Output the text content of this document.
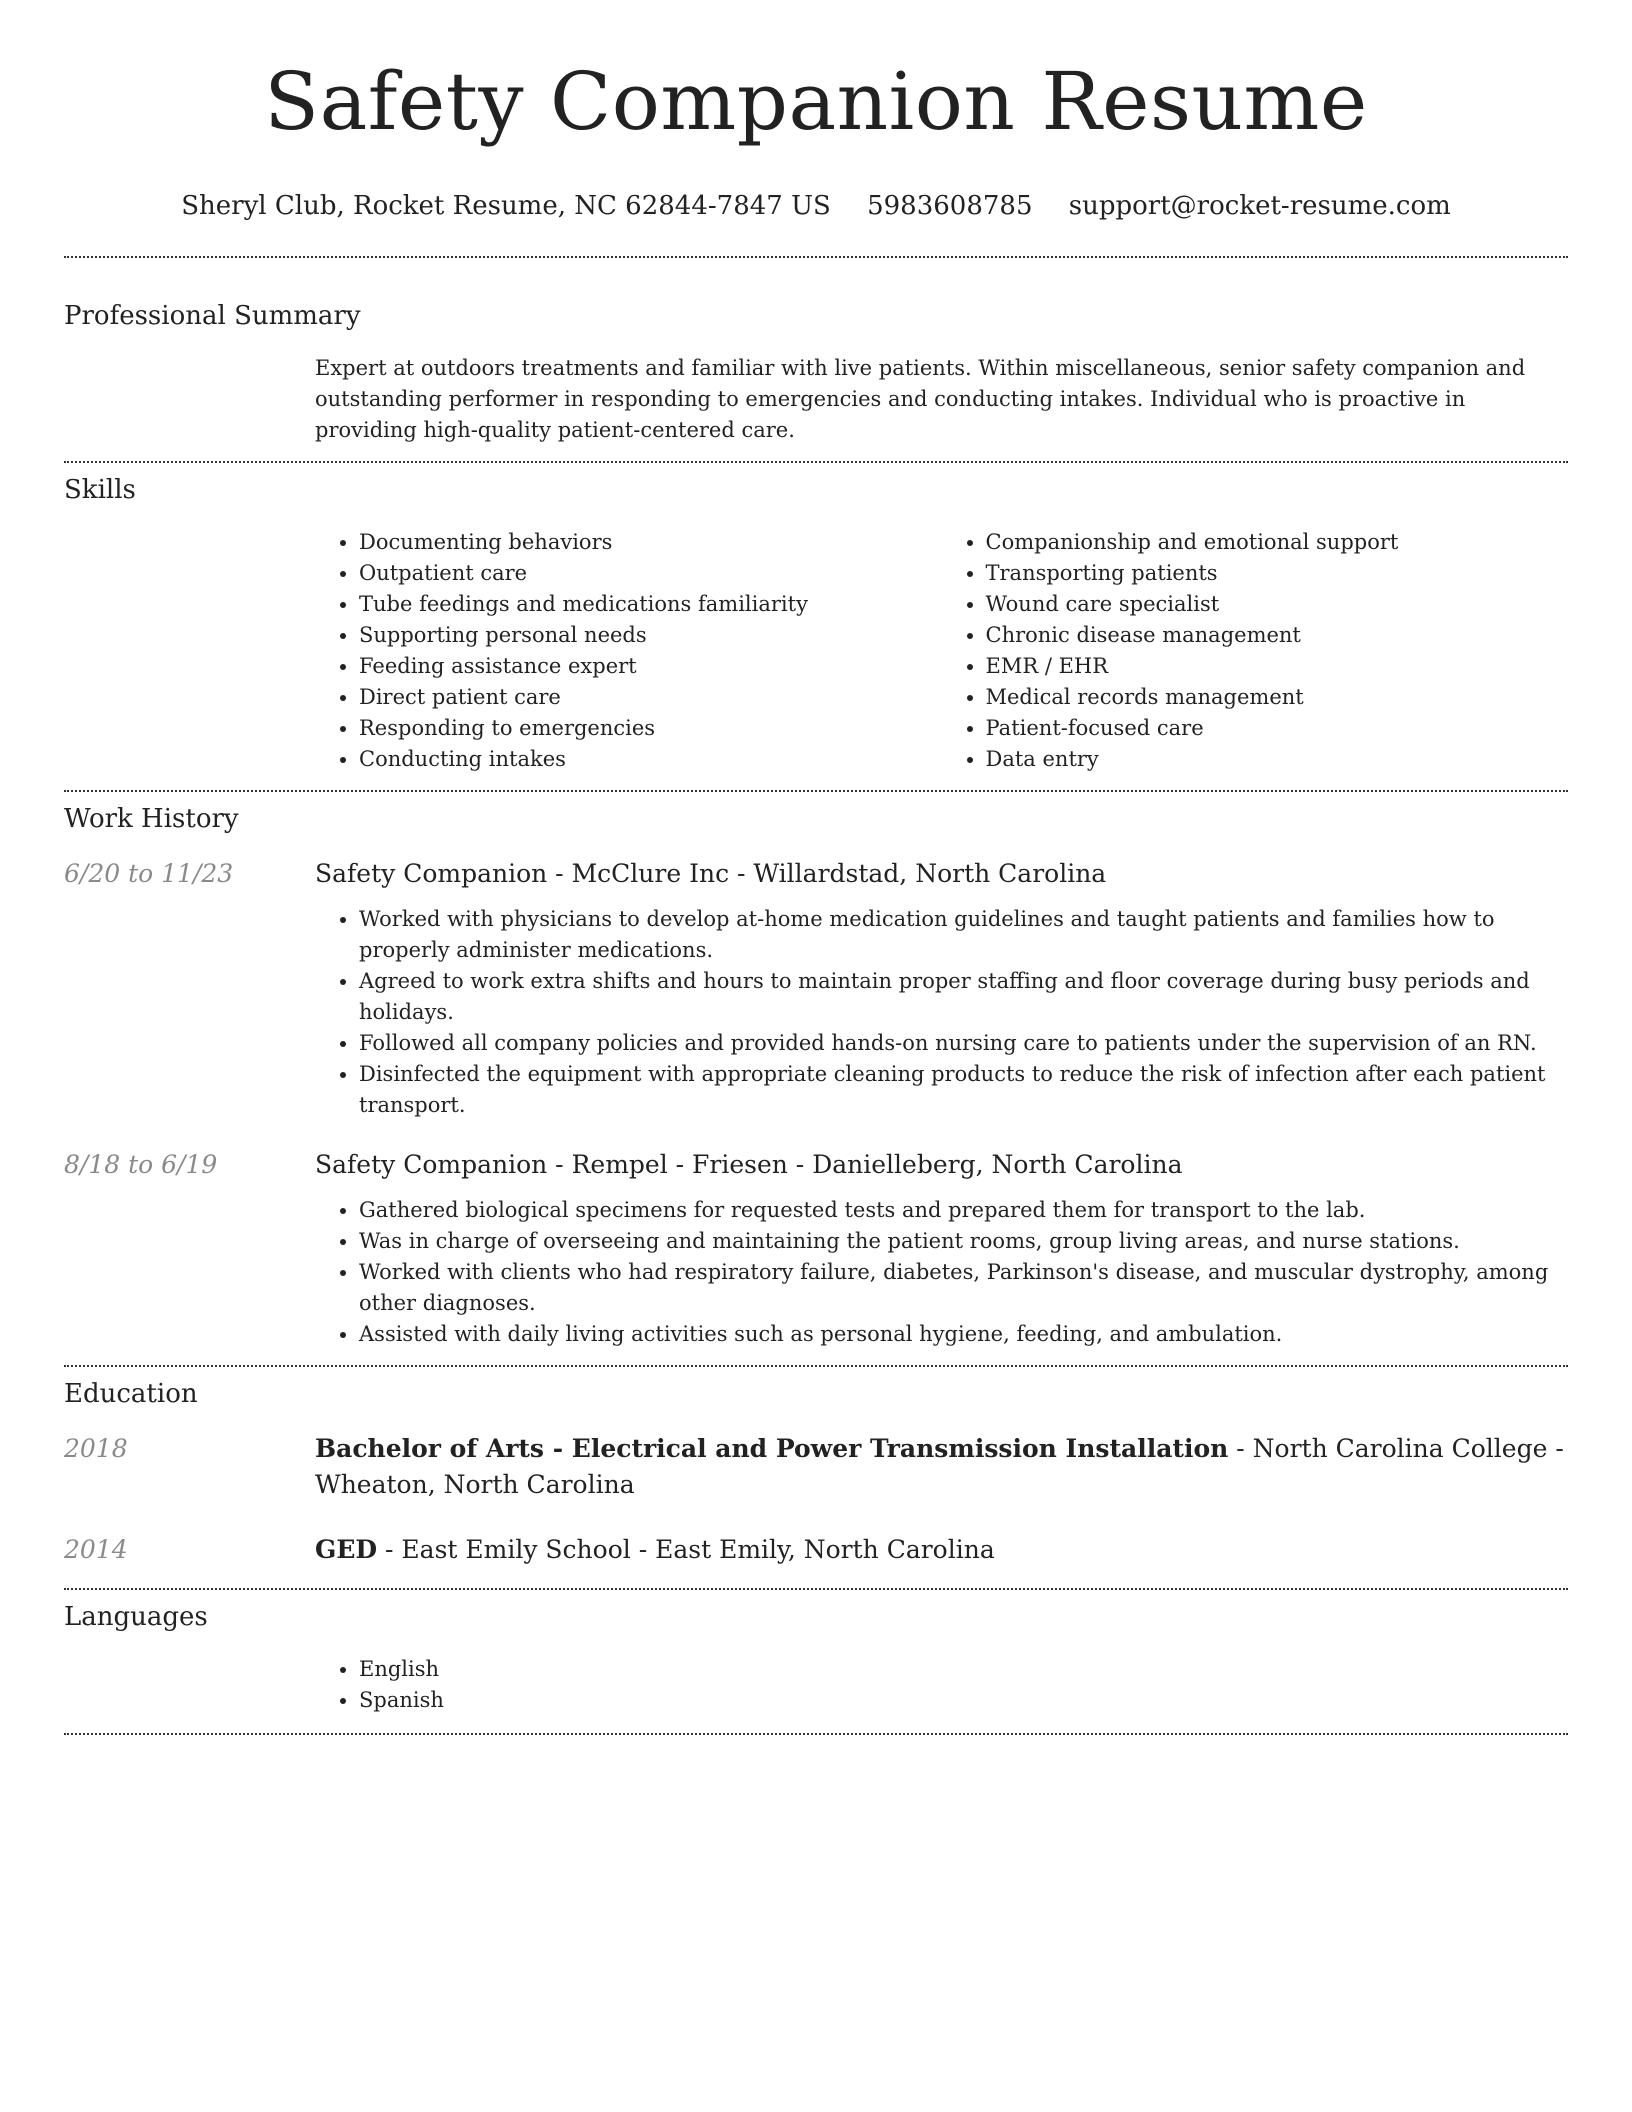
Safety Companion Resume
Sheryl Club, Rocket Resume, NC 62844-7847 US 5983608785 support@rocket-resume.com
Professional Summary

Expert at outdoors treatments and familiar with live patients. Within miscellaneous, senior safety companion and outstanding performer in responding to emergencies and conducting intakes. Individual who is proactive in providing high-quality patient-centered care.

Skills
• Documenting behaviors
• Outpatient care
• Tube feedings and medications familiarity
• Supporting personal needs
• Feeding assistance expert
• Direct patient care
• Responding to emergencies
• Conducting intakes
• Companionship and emotional support
• Transporting patients
• Wound care specialist
• Chronic disease management
• EMR / EHR
• Medical records management
• Patient-focused care
• Data entry
Work History
6/20 to 11/23	Safety Companion - McClure Inc - Willardstad, North Carolina
• Worked with physicians to develop at-home medication guidelines and taught patients and families how to properly administer medications.
• Agreed to work extra shifts and hours to maintain proper staffing and floor coverage during busy periods and holidays.
• Followed all company policies and provided hands-on nursing care to patients under the supervision of an RN.
• Disinfected the equipment with appropriate cleaning products to reduce the risk of infection after each patient transport.
8/18 to 6/19	Safety Companion - Rempel - Friesen - Danielleberg, North Carolina
• Gathered biological specimens for requested tests and prepared them for transport to the lab.
• Was in charge of overseeing and maintaining the patient rooms, group living areas, and nurse stations.
• Worked with clients who had respiratory failure, diabetes, Parkinson's disease, and muscular dystrophy, among other diagnoses.
• Assisted with daily living activities such as personal hygiene, feeding, and ambulation.
Education
2018	Bachelor of Arts - Electrical and Power Transmission Installation - North Carolina College - Wheaton, North Carolina
2014	GED - East Emily School - East Emily, North Carolina
Languages
• English
• Spanish
